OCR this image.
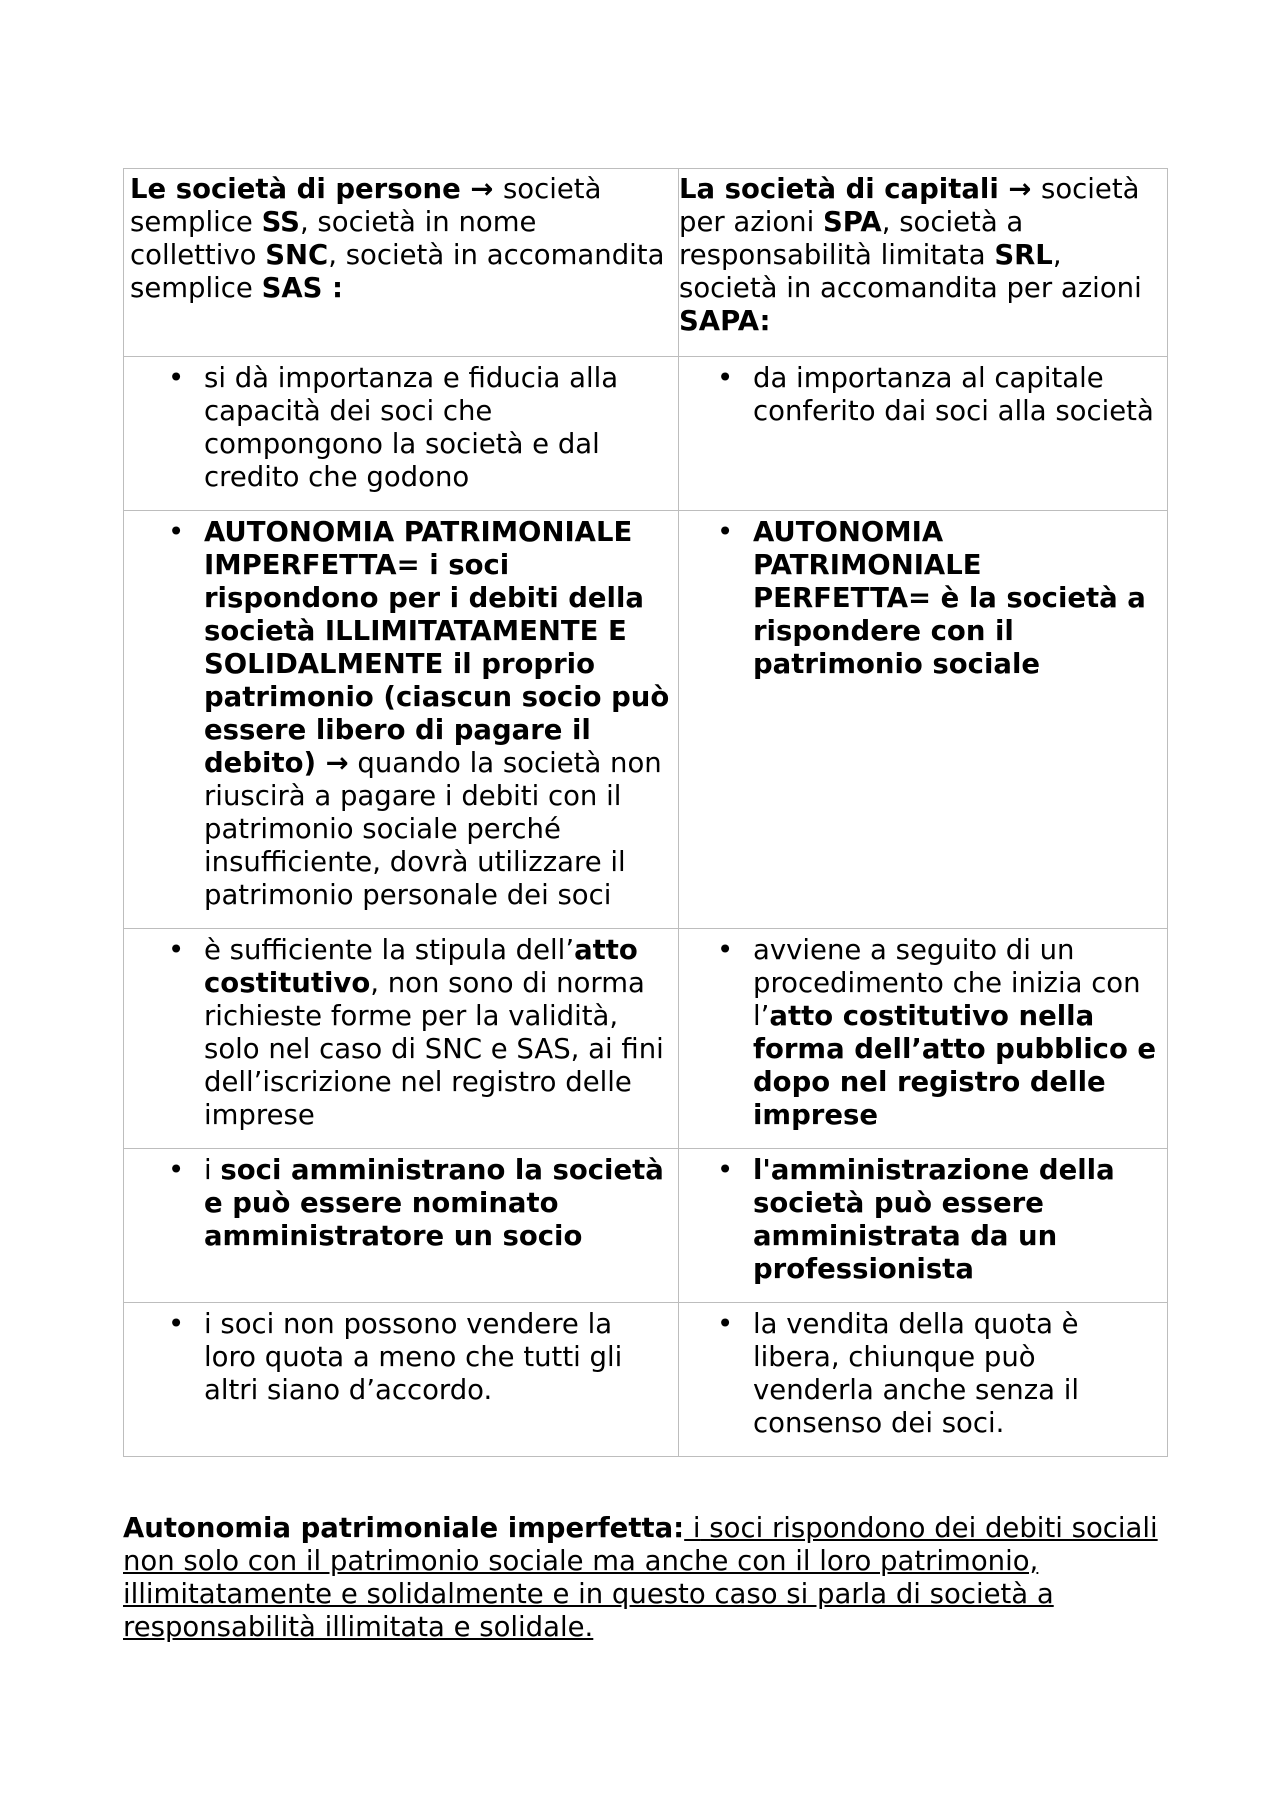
Le società di persone → società semplice SS, società in nome collettivo SNC, società in accomandita semplice SAS :	La società di capitali → società per azioni SPA, società a responsabilità limitata SRL, società in accomandita per azioni SAPA:

• si dà importanza e fiducia alla capacità dei soci che compongono la società e dal credito che godono	• da importanza al capitale conferito dai soci alla società

• AUTONOMIA PATRIMONIALE IMPERFETTA= i soci rispondono per i debiti della società ILLIMITATAMENTE E SOLIDALMENTE il proprio patrimonio (ciascun socio può essere libero di pagare il debito) → quando la società non riuscirà a pagare i debiti con il patrimonio sociale perché insufficiente, dovrà utilizzare il patrimonio personale dei soci	• AUTONOMIA PATRIMONIALE PERFETTA= è la società a rispondere con il patrimonio sociale

• è sufficiente la stipula dell’atto costitutivo, non sono di norma richieste forme per la validità, solo nel caso di SNC e SAS, ai fini dell’iscrizione nel registro delle imprese	• avviene a seguito di un procedimento che inizia con l’atto costitutivo nella forma dell’atto pubblico e dopo nel registro delle imprese

• i soci amministrano la società e può essere nominato amministratore un socio	• l'amministrazione della società può essere amministrata da un professionista

• i soci non possono vendere la loro quota a meno che tutti gli altri siano d’accordo.	• la vendita della quota è libera, chiunque può venderla anche senza il consenso dei soci.
Autonomia patrimoniale imperfetta: i soci rispondono dei debiti sociali non solo con il patrimonio sociale ma anche con il loro patrimonio, illimitatamente e solidalmente e in questo caso si parla di società a responsabilità illimitata e solidale.
